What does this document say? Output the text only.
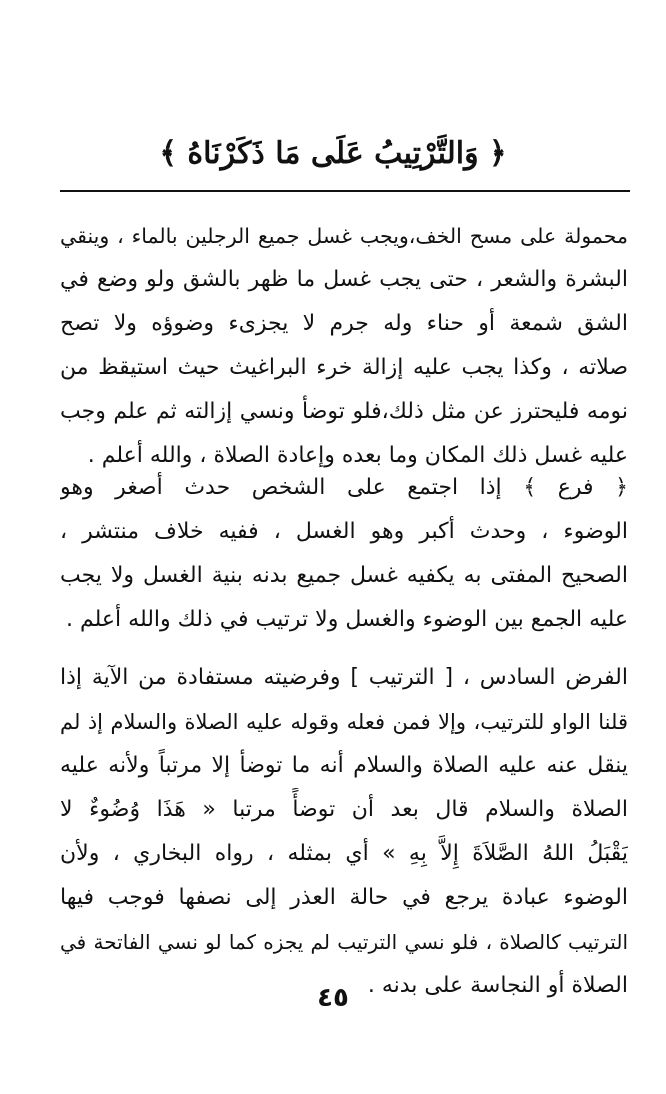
﴿ وَالتَّرْتِيبُ عَلَى مَا ذَكَرْنَاهُ ﴾
محمولة على مسح الخف،ويجب غسل جميع الرجلين بالماء ، وينقي
البشرة والشعر ، حتى يجب غسل ما ظهر بالشق ولو وضع في
الشق شمعة أو حناء وله جرم لا يجزىء وضوؤه ولا تصح
صلاته ، وكذا يجب عليه إزالة خرء البراغيث حيث استيقظ من
نومه فليحترز عن مثل ذلك،فلو توضأ ونسي إزالته ثم علم وجب
عليه غسل ذلك المكان وما بعده وإعادة الصلاة ، والله أعلم .
﴿ فرع ﴾ إذا اجتمع على الشخص حدث أصغر وهو
الوضوء ، وحدث أكبر وهو الغسل ، ففيه خلاف منتشر ،
الصحيح المفتى به يكفيه غسل جميع بدنه بنية الغسل ولا يجب
عليه الجمع بين الوضوء والغسل ولا ترتيب في ذلك والله أعلم .
الفرض السادس ، [ الترتيب ] وفرضيته مستفادة من الآية إذا
قلنا الواو للترتيب، وإلا فمن فعله وقوله عليه الصلاة والسلام إذ لم
ينقل عنه عليه الصلاة والسلام أنه ما توضأ إلا مرتباً ولأنه عليه
الصلاة والسلام قال بعد أن توضأً مرتبا « هَذَا وُضُوءٌ لا
يَقْبَلُ اللهُ الصَّلاَةَ إِلاَّ بِهِ » أي بمثله ، رواه البخاري ، ولأن
الوضوء عبادة يرجع في حالة العذر إلى نصفها فوجب فيها
الترتيب كالصلاة ، فلو نسي الترتيب لم يجزه كما لو نسي الفاتحة في
الصلاة أو النجاسة على بدنه .
٤٥
